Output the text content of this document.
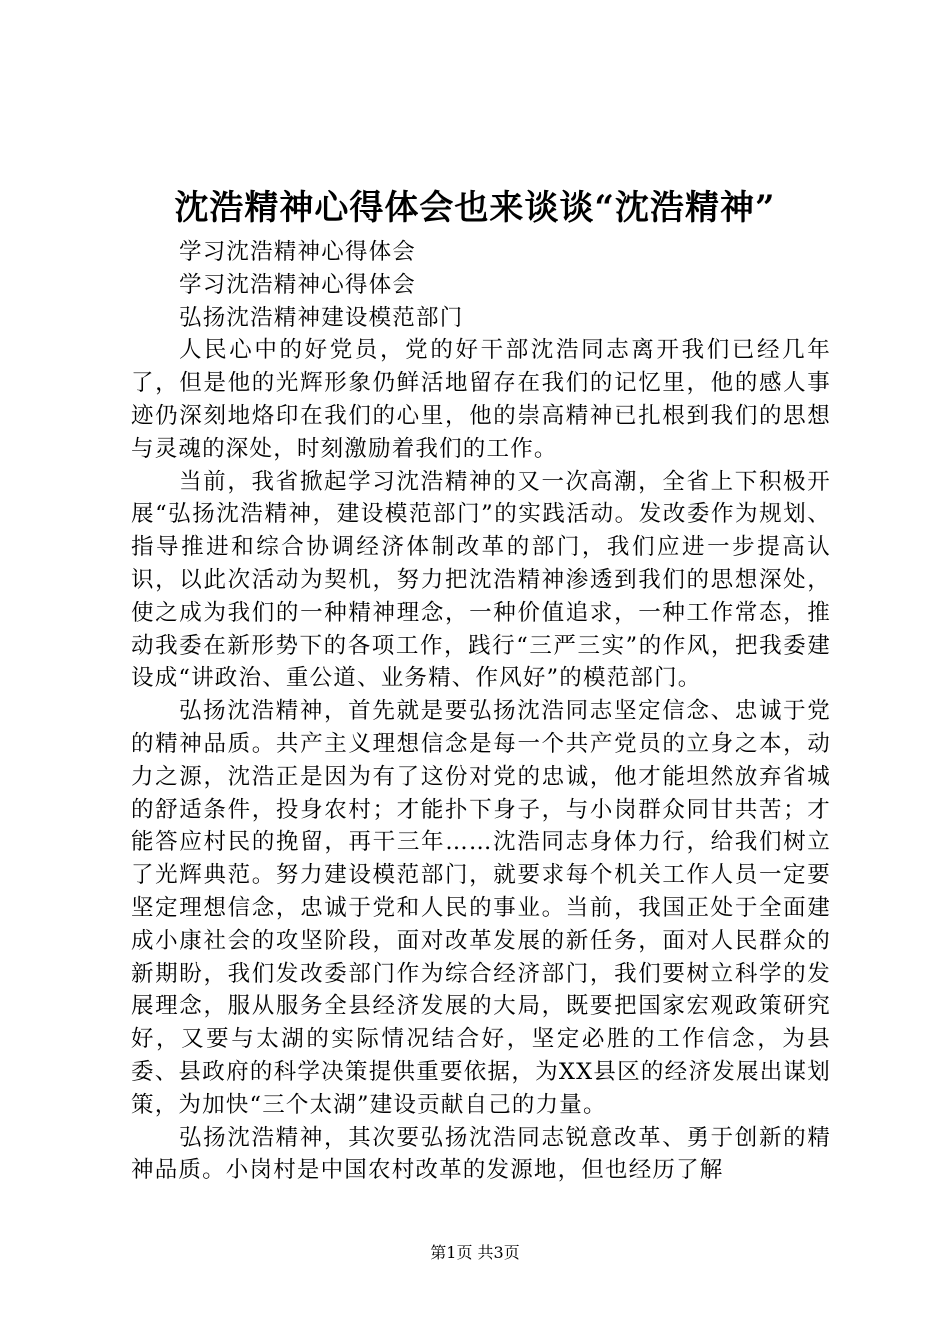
沈浩精神心得体会也来谈谈“沈浩精神”

学习沈浩精神心得体会

学习沈浩精神心得体会

弘扬沈浩精神建设模范部门

人民心中的好党员，党的好干部沈浩同志离开我们已经几年了，但是他的光辉形象仍鲜活地留存在我们的记忆里，他的感人事迹仍深刻地烙印在我们的心里，他的崇高精神已扎根到我们的思想与灵魂的深处，时刻激励着我们的工作。

当前，我省掀起学习沈浩精神的又一次高潮，全省上下积极开展“弘扬沈浩精神，建设模范部门”的实践活动。发改委作为规划、指导推进和综合协调经济体制改革的部门，我们应进一步提高认识，以此次活动为契机，努力把沈浩精神渗透到我们的思想深处，使之成为我们的一种精神理念，一种价值追求，一种工作常态，推动我委在新形势下的各项工作，践行“三严三实”的作风，把我委建设成“讲政治、重公道、业务精、作风好”的模范部门。

弘扬沈浩精神，首先就是要弘扬沈浩同志坚定信念、忠诚于党的精神品质。共产主义理想信念是每一个共产党员的立身之本，动力之源，沈浩正是因为有了这份对党的忠诚，他才能坦然放弃省城的舒适条件，投身农村；才能扑下身子，与小岗群众同甘共苦；才能答应村民的挽留，再干三年……沈浩同志身体力行，给我们树立了光辉典范。努力建设模范部门，就要求每个机关工作人员一定要坚定理想信念，忠诚于党和人民的事业。当前，我国正处于全面建成小康社会的攻坚阶段，面对改革发展的新任务，面对人民群众的新期盼，我们发改委部门作为综合经济部门，我们要树立科学的发展理念，服从服务全县经济发展的大局，既要把国家宏观政策研究好，又要与太湖的实际情况结合好，坚定必胜的工作信念，为县委、县政府的科学决策提供重要依据，为XX县区的经济发展出谋划策，为加快“三个太湖”建设贡献自己的力量。

弘扬沈浩精神，其次要弘扬沈浩同志锐意改革、勇于创新的精神品质。小岗村是中国农村改革的发源地，但也经历了解

第1页 共3页
